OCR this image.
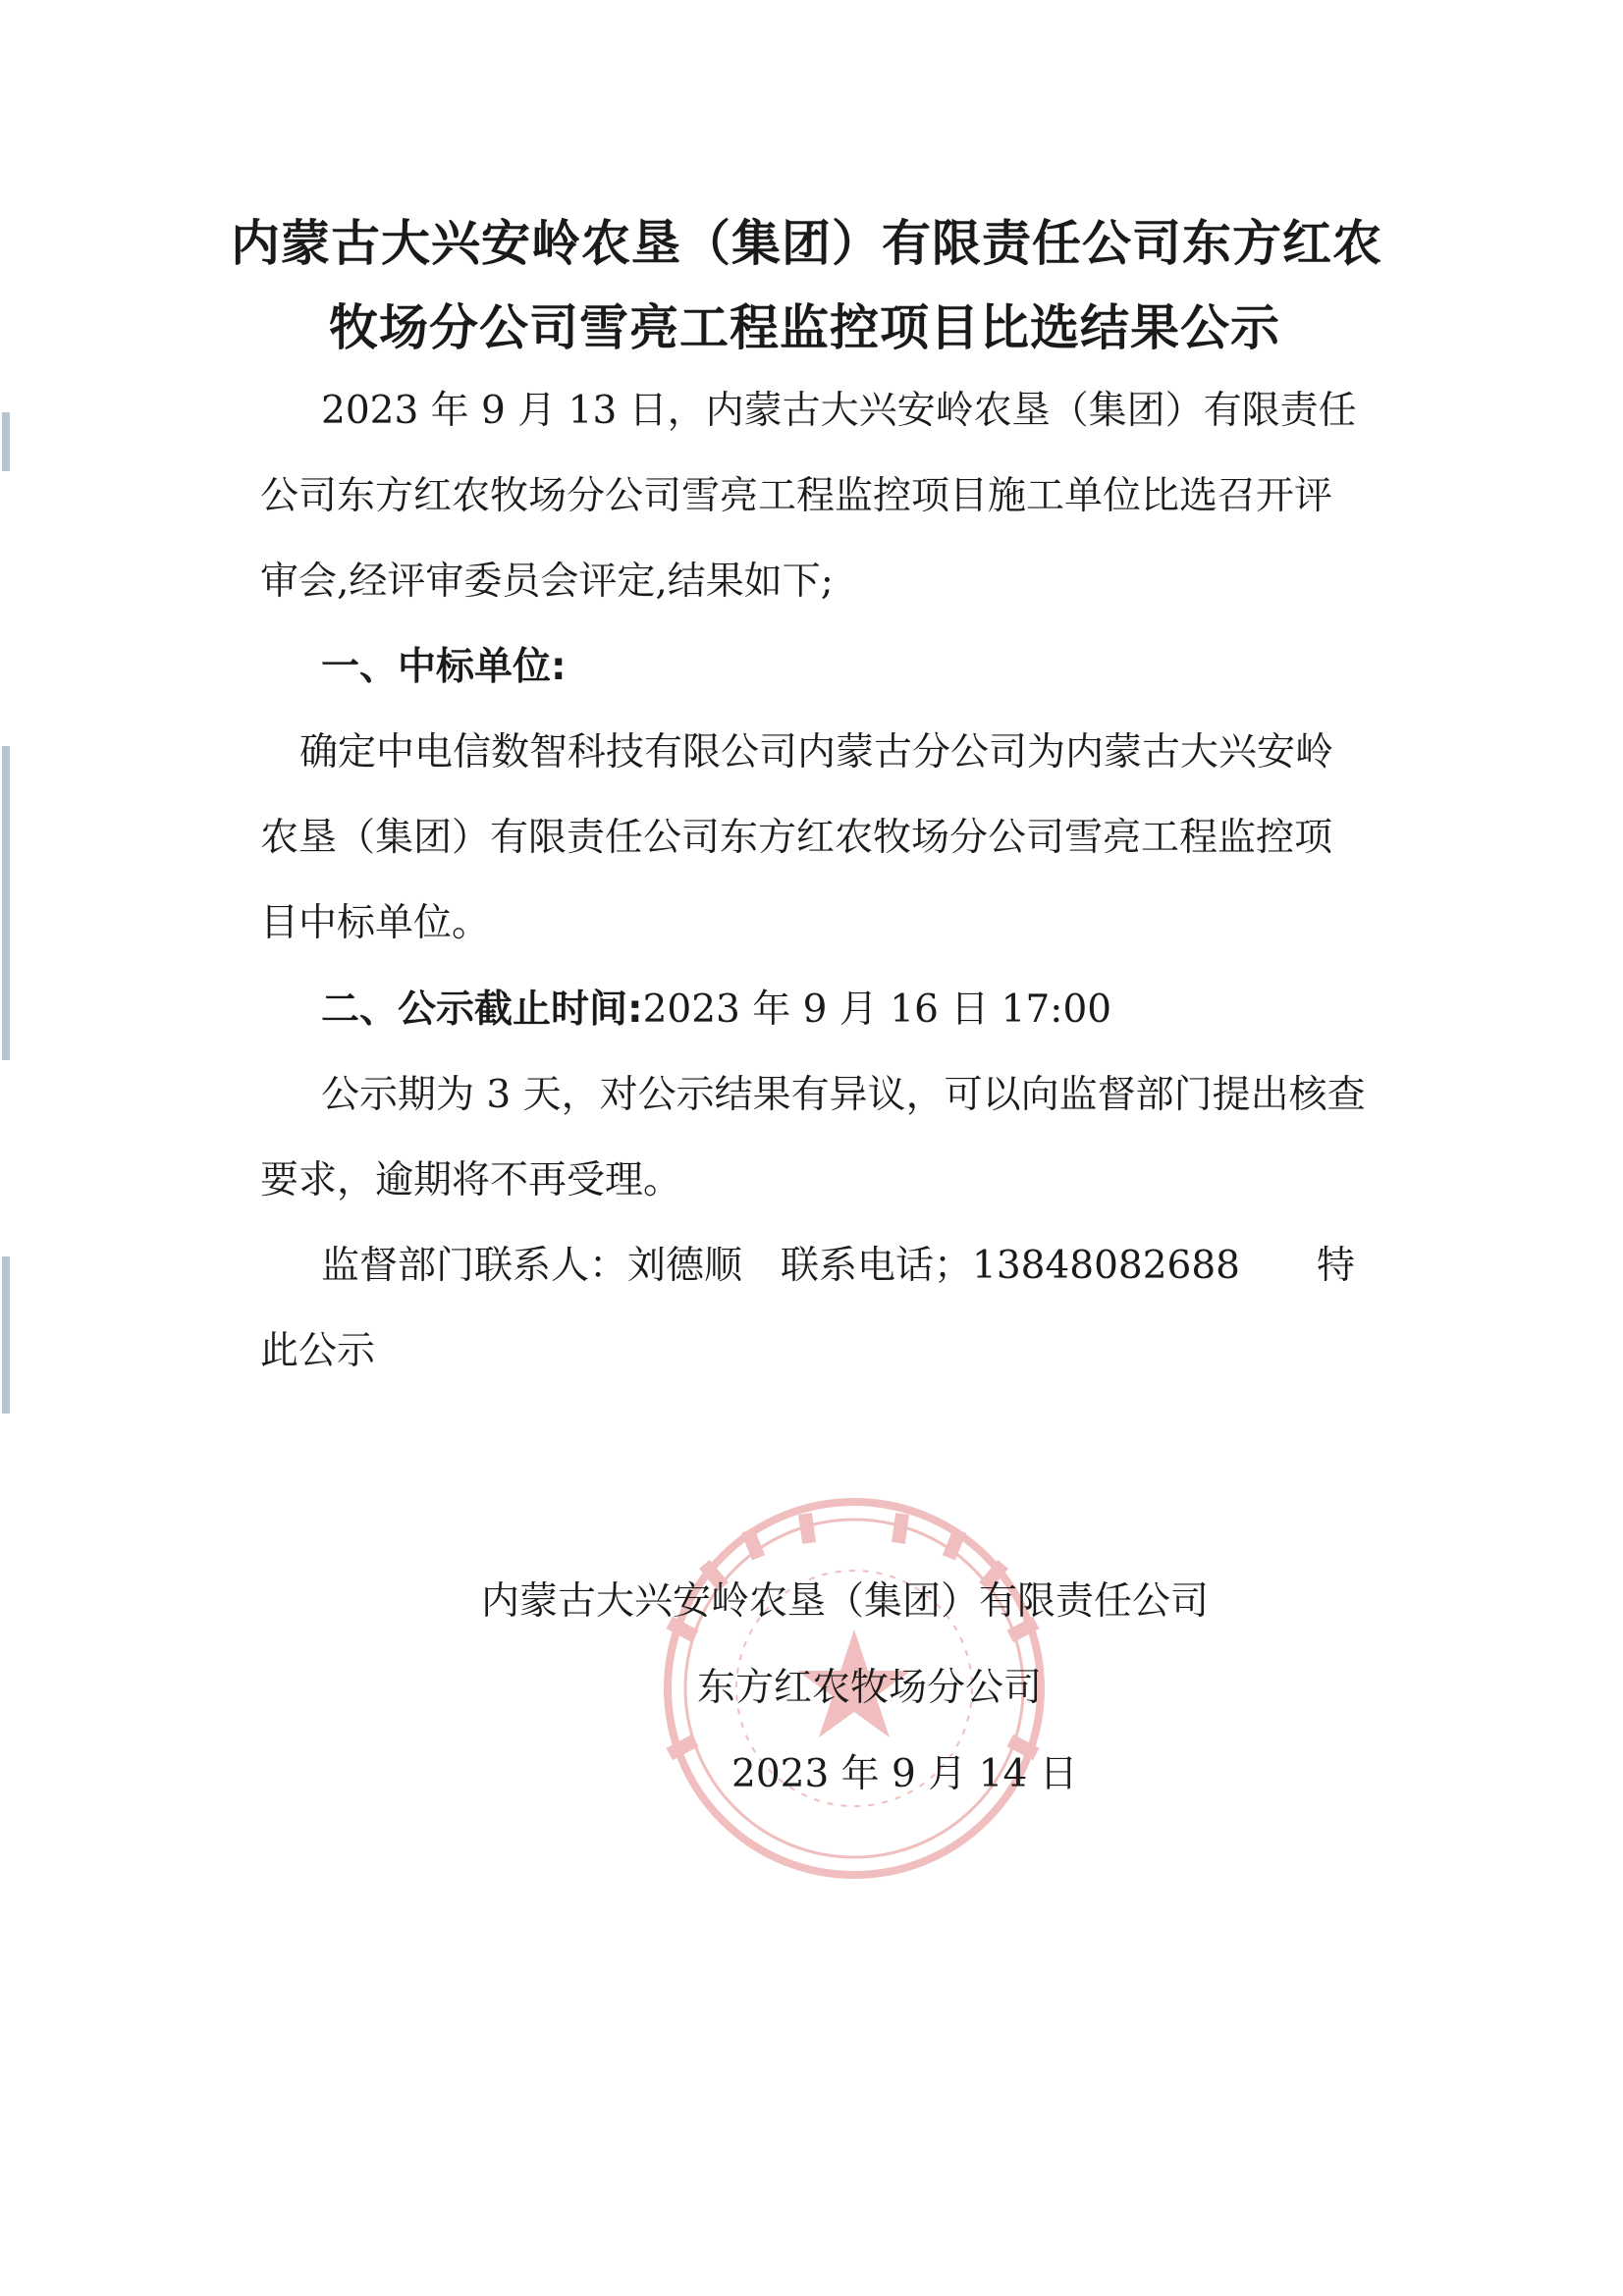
内蒙古大兴安岭农垦（集团）有限责任公司东方红农
牧场分公司雪亮工程监控项目比选结果公示
2023 年 9 月 13 日，内蒙古大兴安岭农垦（集团）有限责任公司东方红农牧场分公司雪亮工程监控项目施工单位比选召开评审会,经评审委员会评定,结果如下;
一、中标单位:
确定中电信数智科技有限公司内蒙古分公司为内蒙古大兴安岭农垦（集团）有限责任公司东方红农牧场分公司雪亮工程监控项目中标单位。
二、公示截止时间:2023 年 9 月 16 日 17:00
公示期为 3 天，对公示结果有异议，可以向监督部门提出核查要求，逾期将不再受理。
监督部门联系人：刘德顺　联系电话；13848082688　　特此公示
内蒙古大兴安岭农垦（集团）有限责任公司
东方红农牧场分公司
2023 年 9 月 14 日
